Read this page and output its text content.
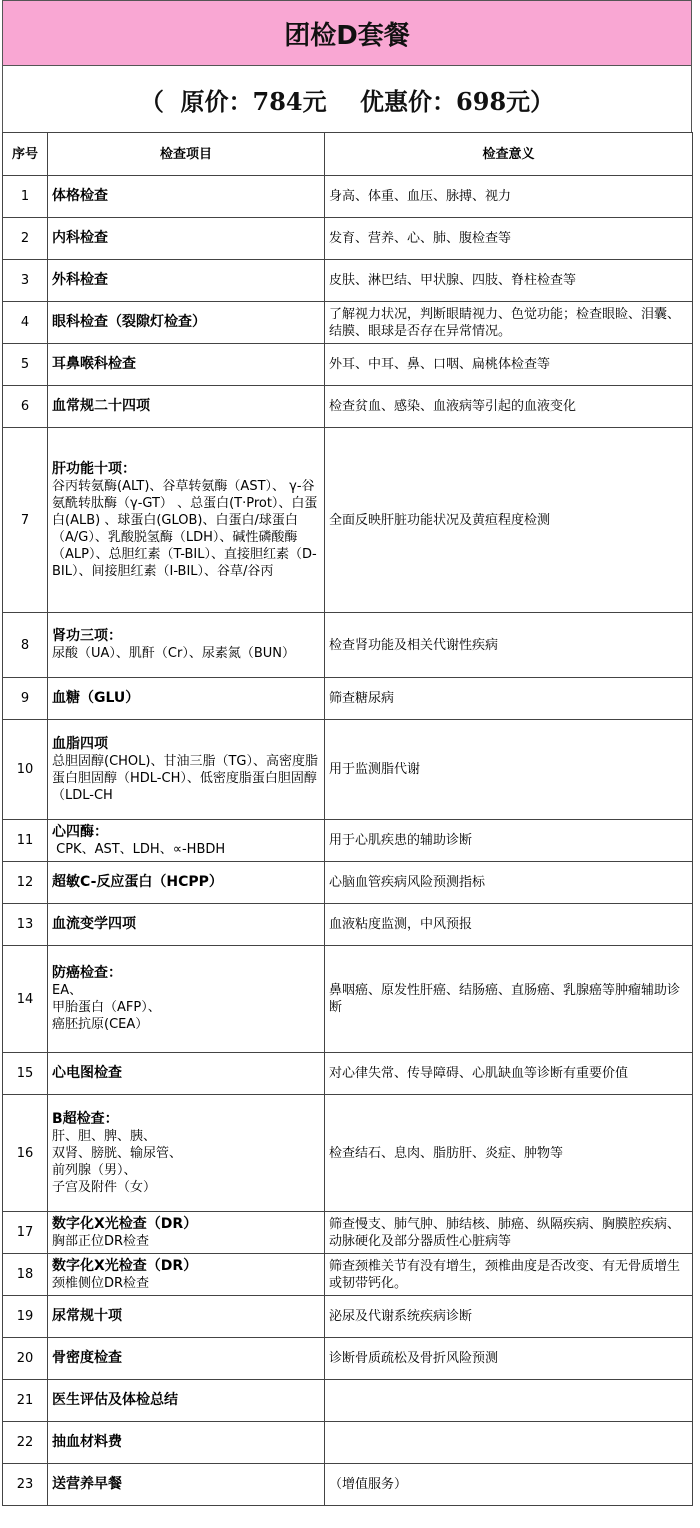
团检D套餐
（  原价：784元    优惠价：698元）
序号	检查项目	检查意义
1	体格检查	身高、体重、血压、脉搏、视力
2	内科检查	发育、营养、心、肺、腹检查等
3	外科检查	皮肤、淋巴结、甲状腺、四肢、脊柱检查等
4	眼科检查（裂隙灯检查）	了解视力状况，判断眼睛视力、色觉功能；检查眼睑、泪囊、结膜、眼球是否存在异常情况。
5	耳鼻喉科检查	外耳、中耳、鼻、口咽、扁桃体检查等
6	血常规二十四项	检查贫血、感染、血液病等引起的血液变化
7	肝功能十项：
谷丙转氨酶(ALT)、谷草转氨酶（AST）、 γ-谷氨酰转肽酶（γ-GT） 、总蛋白(T·Prot）、白蛋白(ALB) 、球蛋白(GLOB)、白蛋白/球蛋白（A/G）、乳酸脱氢酶（LDH）、碱性磷酸酶（ALP）、总胆红素（T-BIL）、直接胆红素（D-BIL）、间接胆红素（I-BIL）、谷草/谷丙	全面反映肝脏功能状况及黄疸程度检测
8	肾功三项：
尿酸（UA）、肌酐（Cr）、尿素氮（BUN）	检查肾功能及相关代谢性疾病
9	血糖（GLU）	筛查糖尿病
10	血脂四项
总胆固醇(CHOL)、甘油三脂（TG）、高密度脂蛋白胆固醇（HDL-CH）、低密度脂蛋白胆固醇（LDL-CH	用于监测脂代谢
11	心四酶：
CPK、AST、LDH、∝-HBDH	用于心肌疾患的辅助诊断
12	超敏C-反应蛋白（HCPP）	心脑血管疾病风险预测指标
13	血流变学四项	血液粘度监测，中风预报
14	防癌检查：
EA、
甲胎蛋白（AFP）、
癌胚抗原(CEA）	鼻咽癌、原发性肝癌、结肠癌、直肠癌、乳腺癌等肿瘤辅助诊断
15	心电图检查	对心律失常、传导障碍、心肌缺血等诊断有重要价值
16	B超检查：
肝、胆、脾、胰、
双肾、膀胱、输尿管、
前列腺（男）、
子宫及附件（女）	检查结石、息肉、脂肪肝、炎症、肿物等
17	数字化X光检查（DR）
胸部正位DR检查	筛查慢支、肺气肿、肺结核、肺癌、纵隔疾病、胸膜腔疾病、动脉硬化及部分器质性心脏病等
18	数字化X光检查（DR）
颈椎侧位DR检查	筛查颈椎关节有没有增生，颈椎曲度是否改变、有无骨质增生或韧带钙化。
19	尿常规十项	泌尿及代谢系统疾病诊断
20	骨密度检查	诊断骨质疏松及骨折风险预测
21	医生评估及体检总结	

22	抽血材料费	

23	送营养早餐	（增值服务）
